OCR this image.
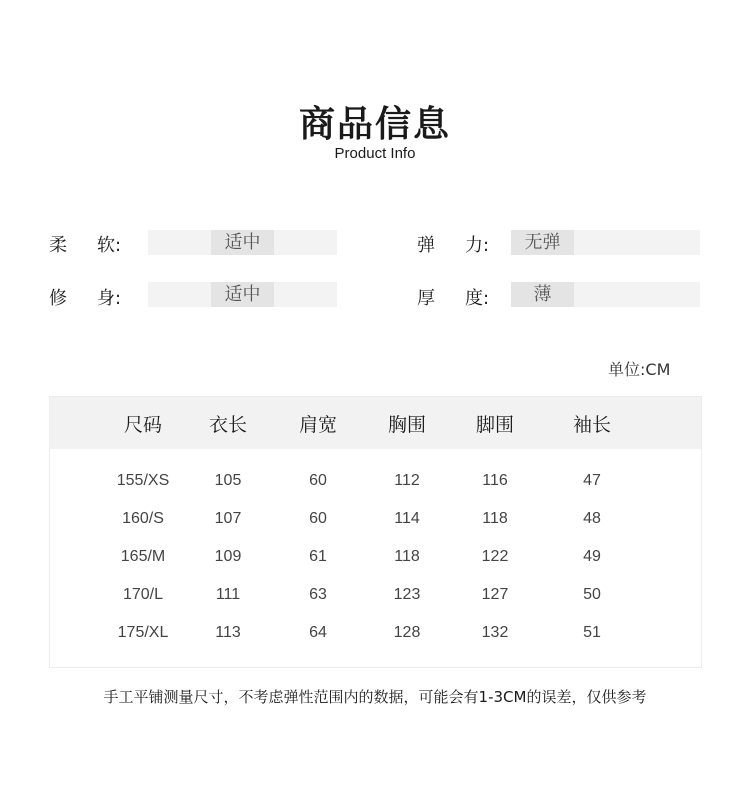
商品信息
Product Info
柔	软:	适中	弹	力:	无弹
修	身:	适中	厚	度:	薄
单位:CM
尺码	衣长	肩宽	胸围	脚围	袖长
155/XS	105	60	112	116	47
160/S	107	60	114	118	48
165/M	109	61	118	122	49
170/L	111	63	123	127	50
175/XL	113	64	128	132	51
手工平铺测量尺寸，不考虑弹性范围内的数据，可能会有1-3CM的误差，仅供参考
